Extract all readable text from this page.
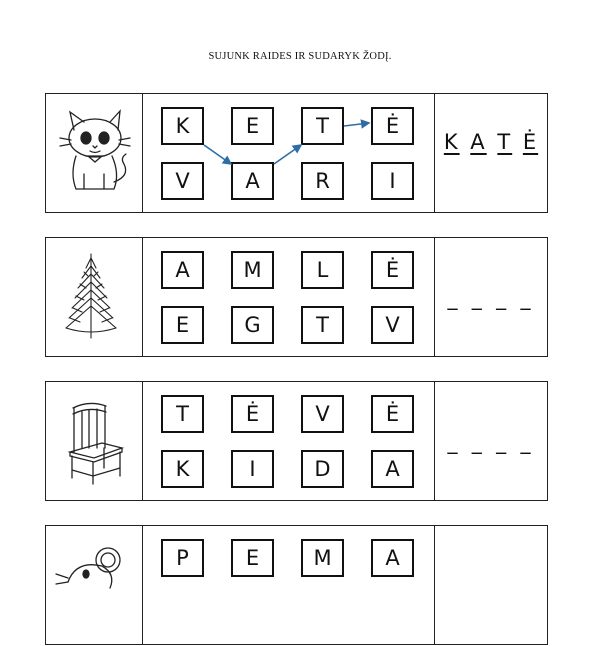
SUJUNK RAIDES IR SUDARYK ŽODĮ.
K	E	T	Ė
V	A	R	I
K A T Ė
A	M	L	Ė
E	G	T	V
_ _ _ _
T	Ė	V	Ė
K	I	D	A
_ _ _ _
P	E	M	A
